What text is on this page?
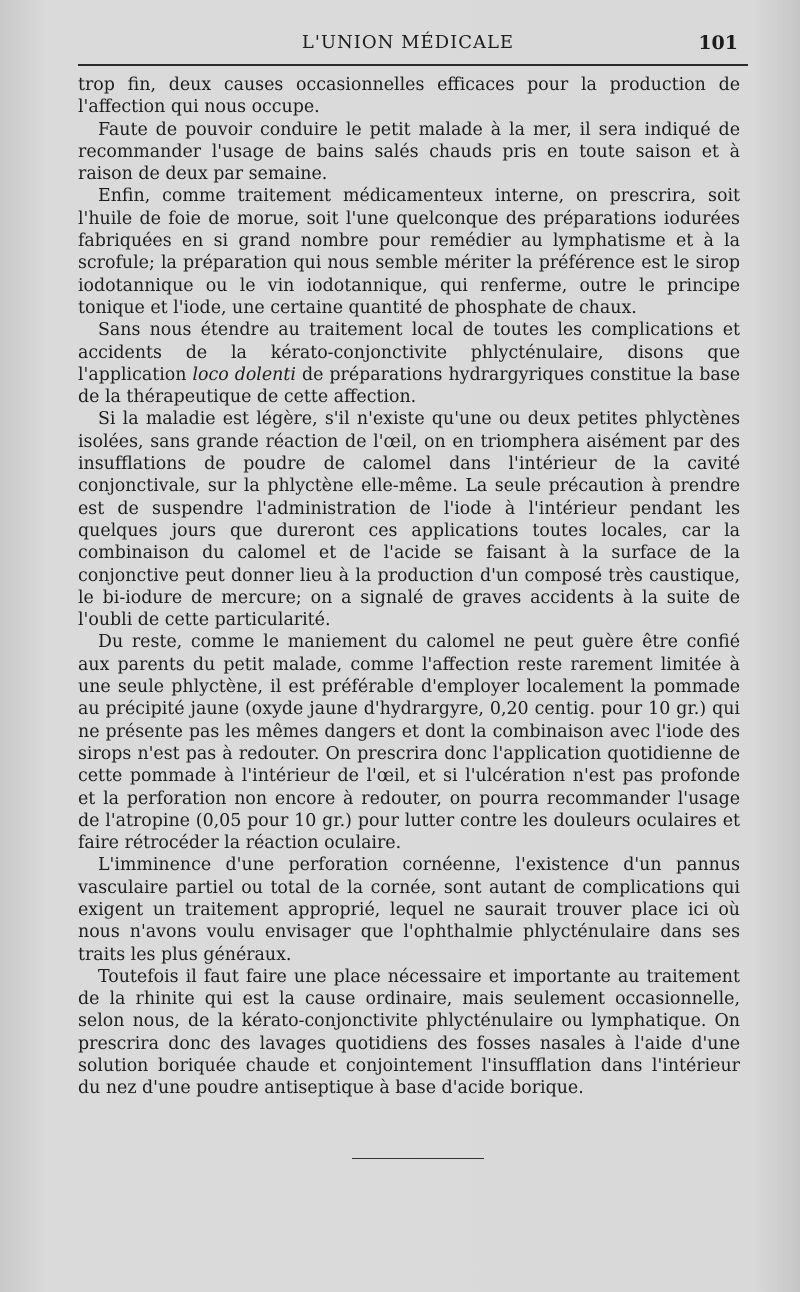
L'UNION MÉDICALE	101

trop fin, deux causes occasionnelles efficaces pour la production de l'affection qui nous occupe.

Faute de pouvoir conduire le petit malade à la mer, il sera indiqué de recommander l'usage de bains salés chauds pris en toute saison et à raison de deux par semaine.

Enfin, comme traitement médicamenteux interne, on prescrira, soit l'huile de foie de morue, soit l'une quelconque des préparations iodurées fabriquées en si grand nombre pour remédier au lymphatisme et à la scrofule; la préparation qui nous semble mériter la préférence est le sirop iodotannique ou le vin iodotannique, qui renferme, outre le principe tonique et l'iode, une certaine quantité de phosphate de chaux.

Sans nous étendre au traitement local de toutes les complications et accidents de la kérato-conjonctivite phlycténulaire, disons que l'application loco dolenti de préparations hydrargyriques constitue la base de la thérapeutique de cette affection.

Si la maladie est légère, s'il n'existe qu'une ou deux petites phlyctènes isolées, sans grande réaction de l'œil, on en triomphera aisément par des insufflations de poudre de calomel dans l'intérieur de la cavité conjonctivale, sur la phlyctène elle-même. La seule précaution à prendre est de suspendre l'administration de l'iode à l'intérieur pendant les quelques jours que dureront ces applications toutes locales, car la combinaison du calomel et de l'acide se faisant à la surface de la conjonctive peut donner lieu à la production d'un composé très caustique, le bi-iodure de mercure; on a signalé de graves accidents à la suite de l'oubli de cette particularité.

Du reste, comme le maniement du calomel ne peut guère être confié aux parents du petit malade, comme l'affection reste rarement limitée à une seule phlyctène, il est préférable d'employer localement la pommade au précipité jaune (oxyde jaune d'hydrargyre, 0,20 centig. pour 10 gr.) qui ne présente pas les mêmes dangers et dont la combinaison avec l'iode des sirops n'est pas à redouter. On prescrira donc l'application quotidienne de cette pommade à l'intérieur de l'œil, et si l'ulcération n'est pas profonde et la perforation non encore à redouter, on pourra recommander l'usage de l'atropine (0,05 pour 10 gr.) pour lutter contre les douleurs oculaires et faire rétrocéder la réaction oculaire.

L'imminence d'une perforation cornéenne, l'existence d'un pannus vasculaire partiel ou total de la cornée, sont autant de complications qui exigent un traitement approprié, lequel ne saurait trouver place ici où nous n'avons voulu envisager que l'ophthalmie phlycténulaire dans ses traits les plus généraux.

Toutefois il faut faire une place nécessaire et importante au traitement de la rhinite qui est la cause ordinaire, mais seulement occasionnelle, selon nous, de la kérato-conjonctivite phlycténulaire ou lymphatique. On prescrira donc des lavages quotidiens des fosses nasales à l'aide d'une solution boriquée chaude et conjointement l'insufflation dans l'intérieur du nez d'une poudre antiseptique à base d'acide borique.
